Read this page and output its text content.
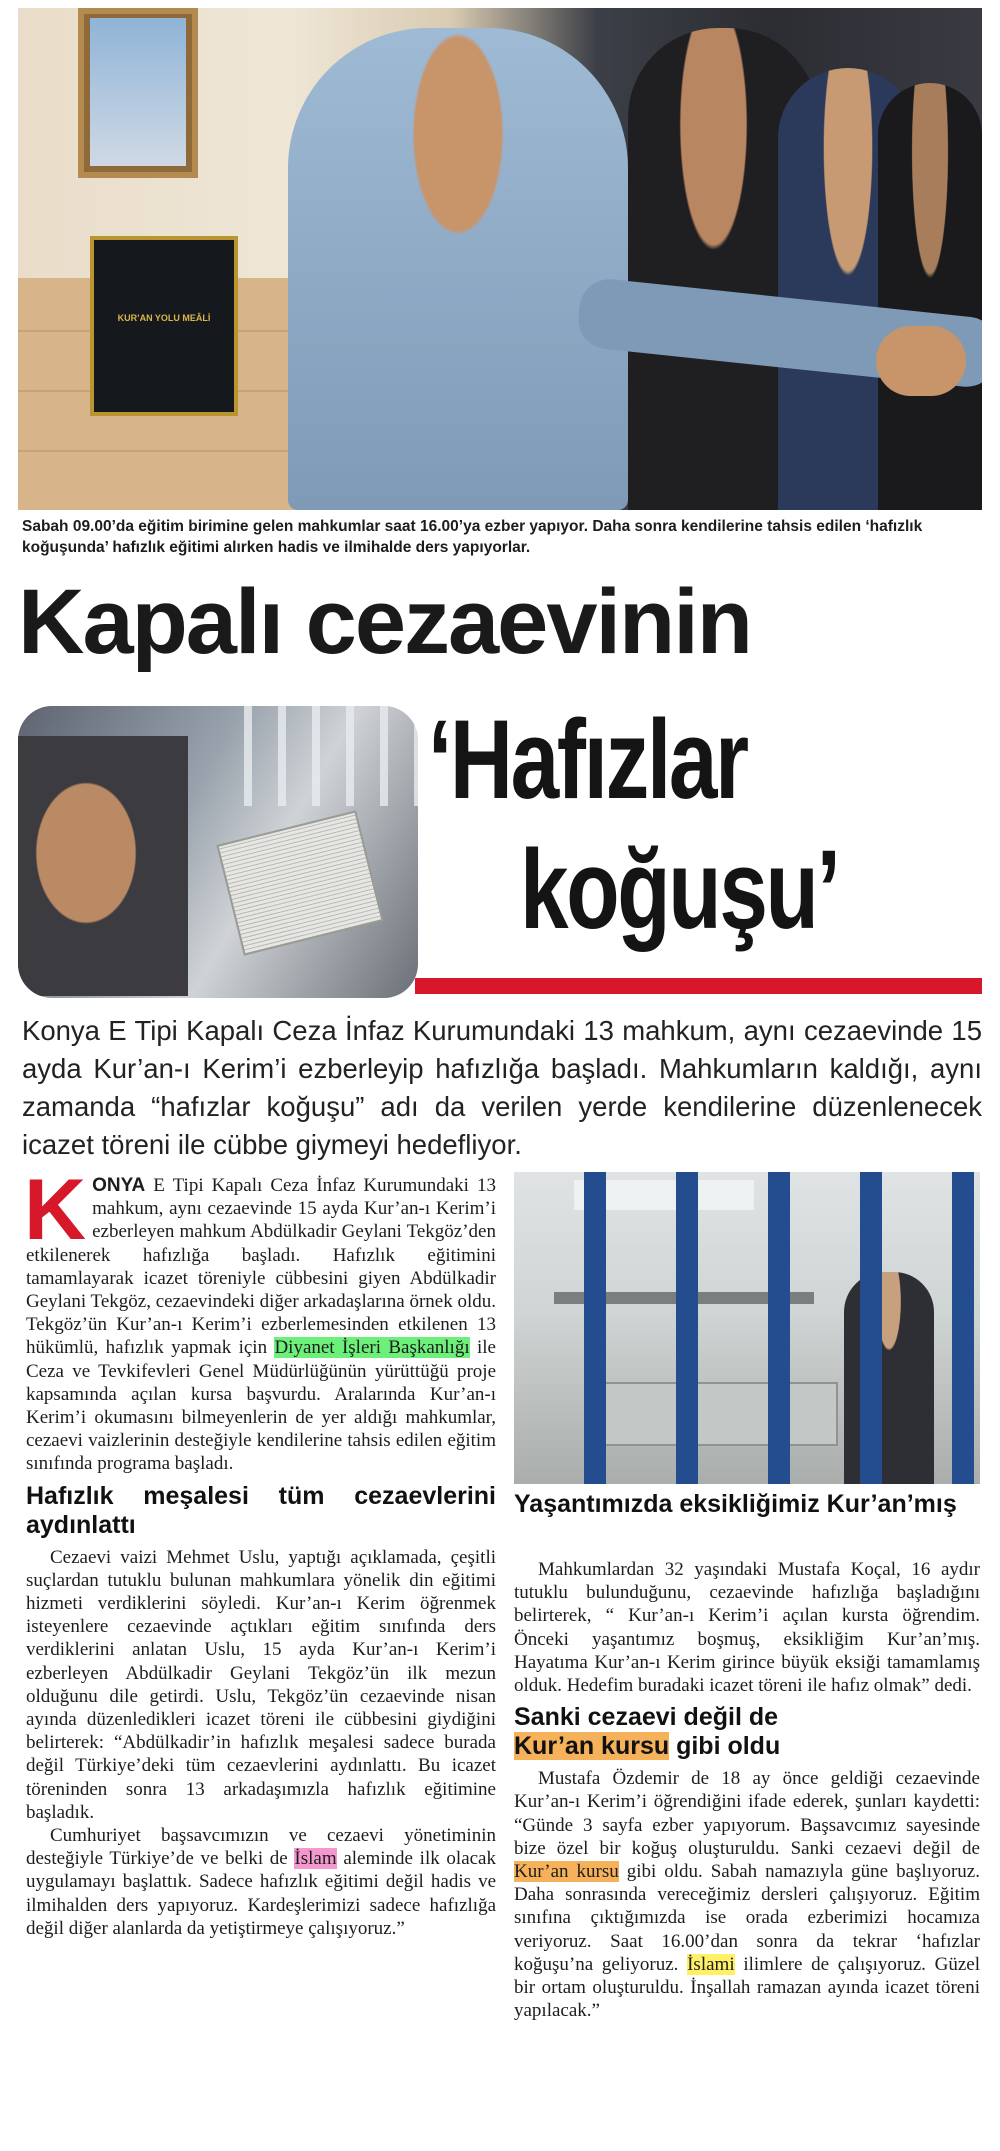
KUR’AN YOLU MEÂLİ
Sabah 09.00’da eğitim birimine gelen mahkumlar saat 16.00’ya ezber yapıyor. Daha sonra kendilerine tahsis edilen ‘hafızlık koğuşunda’ hafızlık eğitimi alırken hadis ve ilmihalde ders yapıyorlar.
Kapalı cezaevinin
‘Hafızlar
koğuşu’
Konya E Tipi Kapalı Ceza İnfaz Kurumundaki 13 mahkum, aynı cezaevinde 15 ayda Kur’an-ı Kerim’i ezberleyip hafızlığa başladı. Mahkumların kaldığı, aynı zamanda “hafızlar koğuşu” adı da verilen yerde kendilerine düzenlenecek icazet töreni ile cübbe giymeyi hedefliyor.

KONYA E Tipi Kapalı Ceza İnfaz Kurumundaki 13 mahkum, aynı cezaevinde 15 ayda Kur’an-ı Kerim’i ezberleyen mahkum Abdülkadir Geylani Tekgöz’den etkilenerek hafızlığa başladı. Hafızlık eğitimini tamamlayarak icazet töreniyle cübbesini giyen Abdülkadir Geylani Tekgöz, cezaevindeki diğer arkadaşlarına örnek oldu. Tekgöz’ün Kur’an-ı Kerim’i ezberlemesinden etkilenen 13 hükümlü, hafızlık yapmak için Diyanet İşleri Başkanlığı ile Ceza ve Tevkifevleri Genel Müdürlüğünün yürüttüğü proje kapsamında açılan kursa başvurdu. Aralarında Kur’an-ı Kerim’i okumasını bilmeyenlerin de yer aldığı mahkumlar, cezaevi vaizlerinin desteğiyle kendilerine tahsis edilen eğitim sınıfında programa başladı.

Hafızlık meşalesi tüm cezaevlerini aydınlattı

Cezaevi vaizi Mehmet Uslu, yaptığı açıklamada, çeşitli suçlardan tutuklu bulunan mahkumlara yönelik din eğitimi hizmeti verdiklerini söyledi. Kur’an-ı Kerim öğrenmek isteyenlere cezaevinde açtıkları eğitim sınıfında ders verdiklerini anlatan Uslu, 15 ayda Kur’an-ı Kerim’i ezberleyen Abdülkadir Geylani Tekgöz’ün ilk mezun olduğunu dile getirdi. Uslu, Tekgöz’ün cezaevinde nisan ayında düzenledikleri icazet töreni ile cübbesini giydiğini belirterek: “Abdülkadir’in hafızlık meşalesi sadece burada değil Türkiye’deki tüm cezaevlerini aydınlattı. Bu icazet töreninden sonra 13 arkadaşımızla hafızlık eğitimine başladık.

Cumhuriyet başsavcımızın ve cezaevi yönetiminin desteğiyle Türkiye’de ve belki de İslam aleminde ilk olacak uygulamayı başlattık. Sadece hafızlık eğitimi değil hadis ve ilmihalden ders yapıyoruz. Kardeşlerimizi sadece hafızlığa değil diğer alanlarda da yetiştirmeye çalışıyoruz.”

Yaşantımızda eksikliğimiz Kur’an’mış

Mahkumlardan 32 yaşındaki Mustafa Koçal, 16 aydır tutuklu bulunduğunu, cezaevinde hafızlığa başladığını belirterek, “ Kur’an-ı Kerim’i açılan kursta öğrendim. Önceki yaşantımız boşmuş, eksikliğim Kur’an’mış. Hayatıma Kur’an-ı Kerim girince büyük eksiği tamamlamış olduk. Hedefim buradaki icazet töreni ile hafız olmak” dedi.

Sanki cezaevi değil de
Kur’an kursu gibi oldu

Mustafa Özdemir de 18 ay önce geldiği cezaevinde Kur’an-ı Kerim’i öğrendiğini ifade ederek, şunları kaydetti: “Günde 3 sayfa ezber yapıyorum. Başsavcımız sayesinde bize özel bir koğuş oluşturuldu. Sanki cezaevi değil de Kur’an kursu gibi oldu. Sabah namazıyla güne başlıyoruz. Daha sonrasında vereceğimiz dersleri çalışıyoruz. Eğitim sınıfına çıktığımızda ise orada ezberimizi hocamıza veriyoruz. Saat 16.00’dan sonra da tekrar ‘hafızlar koğuşu’na geliyoruz. İslami ilimlere de çalışıyoruz. Güzel bir ortam oluşturuldu. İnşallah ramazan ayında icazet töreni yapılacak.”
